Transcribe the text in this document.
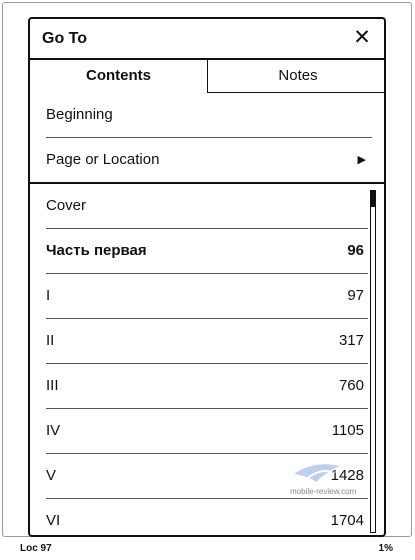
Go To	✕
Contents	Notes
Beginning
Page or Location	▶
Cover
Часть первая	96
I	97
II	317
III	760
IV	1105
V	1428
VI	1704
mobile-review.com
Loc 97	1%
